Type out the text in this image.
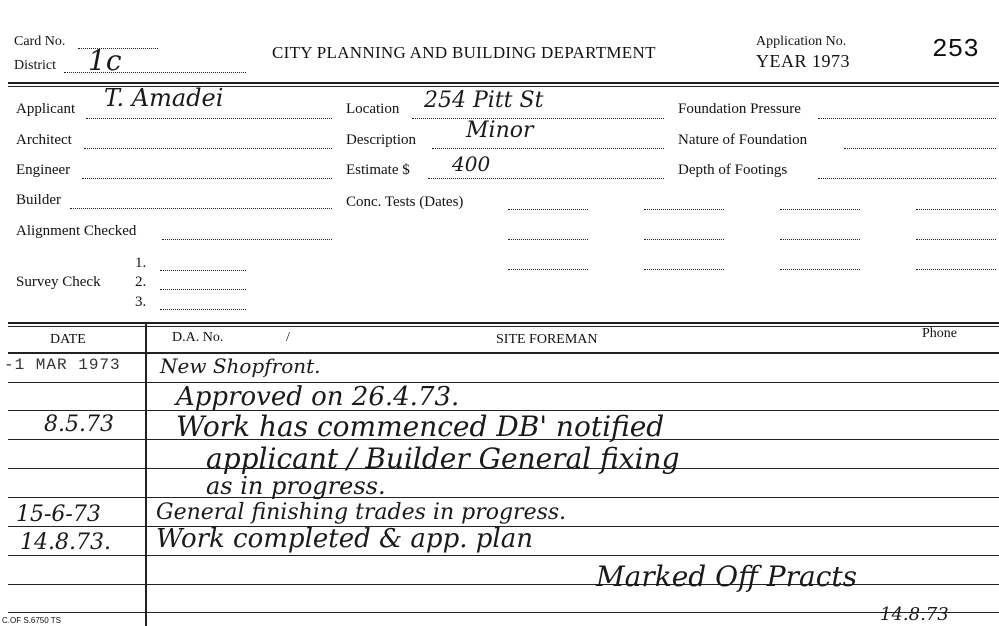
Card No.
District 1c	CITY PLANNING AND BUILDING DEPARTMENT
Application No.
YEAR 1973	253
Applicant T. Amadei
Architect
Engineer
Builder
Alignment Checked
Survey Check
1.
2.
3.
Location 254 Pitt St
Description Minor
Estimate $ 400
Conc. Tests (Dates)
Foundation Pressure
Nature of Foundation
Depth of Footings
DATE	D.A. No.	/	SITE FOREMAN	Phone
-1 MAR 1973 New Shopfront.
Approved on 26.4.73.
8.5.73 Work has commenced DB' notified
applicant / Builder General fixing
as in progress.
15-6-73	General finishing trades in progress.
14.8.73. Work completed & app. plan
Marked Off Practs
14.8.73
C.OF S.6750 TS
